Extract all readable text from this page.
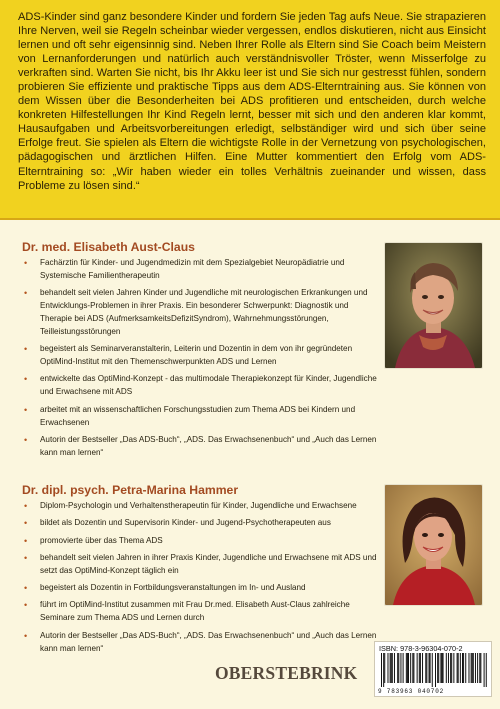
ADS-Kinder sind ganz besondere Kinder und fordern Sie jeden Tag aufs Neue. Sie strapazieren Ihre Nerven, weil sie Regeln scheinbar wieder vergessen, endlos diskutieren, nicht aus Einsicht lernen und oft sehr eigensinnig sind. Neben Ihrer Rolle als Eltern sind Sie Coach beim Meistern von Lernanforderungen und natürlich auch verständnisvoller Tröster, wenn Misserfolge zu verkraften sind. Warten Sie nicht, bis Ihr Akku leer ist und Sie sich nur gestresst fühlen, sondern probieren Sie effiziente und praktische Tipps aus dem ADS-Elterntraining aus. Sie können von dem Wissen über die Besonderheiten bei ADS profitieren und entscheiden, durch welche konkreten Hilfestellungen Ihr Kind Regeln lernt, besser mit sich und den anderen klar kommt, Hausaufgaben und Arbeitsvorbereitungen erledigt, selbständiger wird und sich über seine Erfolge freut. Sie spielen als Eltern die wichtigste Rolle in der Vernetzung von psychologischen, pädagogischen und ärztlichen Hilfen. Eine Mutter kommentiert den Erfolg vom ADS-Elterntraining so: „Wir haben wieder ein tolles Verhältnis zueinander und wissen, dass Probleme zu lösen sind.“

Dr. med. Elisabeth Aust-Claus
• Fachärztin für Kinder- und Jugendmedizin mit dem Spezialgebiet Neuropädiatrie und Systemische Familientherapeutin
• behandelt seit vielen Jahren Kinder und Jugendliche mit neurologischen Erkrankungen und Entwicklungs-Problemen in ihrer Praxis. Ein besonderer Schwerpunkt: Diagnostik und Therapie bei ADS (AufmerksamkeitsDefizitSyndrom), Wahrnehmungsstörungen, Teilleistungsstörungen
• begeistert als Seminarveranstalterin, Leiterin und Dozentin in dem von ihr gegründeten OptiMind-Institut mit den Themenschwerpunkten ADS und Lernen
• entwickelte das OptiMind-Konzept - das multimodale Therapiekonzept für Kinder, Jugendliche und Erwachsene mit ADS
• arbeitet mit an wissenschaftlichen Forschungsstudien zum Thema ADS bei Kindern und Erwachsenen
• Autorin der Bestseller „Das ADS-Buch“, „ADS. Das Erwachsenenbuch“ und „Auch das Lernen kann man lernen“
Dr. dipl. psych. Petra-Marina Hammer
• Diplom-Psychologin und Verhaltenstherapeutin für Kinder, Jugendliche und Erwachsene
• bildet als Dozentin und Supervisorin Kinder- und Jugend-Psychotherapeuten aus
• promovierte über das Thema ADS
• behandelt seit vielen Jahren in ihrer Praxis Kinder, Jugendliche und Erwachsene mit ADS und setzt das OptiMind-Konzept täglich ein
• begeistert als Dozentin in Fortbildungsveranstaltungen im In- und Ausland
• führt im OptiMind-Institut zusammen mit Frau Dr.med. Elisabeth Aust-Claus zahlreiche Seminare zum Thema ADS und Lernen durch
• Autorin der Bestseller „Das ADS-Buch“, „ADS. Das Erwachsenenbuch“ und „Auch das Lernen kann man lernen“	ISBN: 978-3-96304-070-2
9 783963 040702
OBERSTEBRINK
